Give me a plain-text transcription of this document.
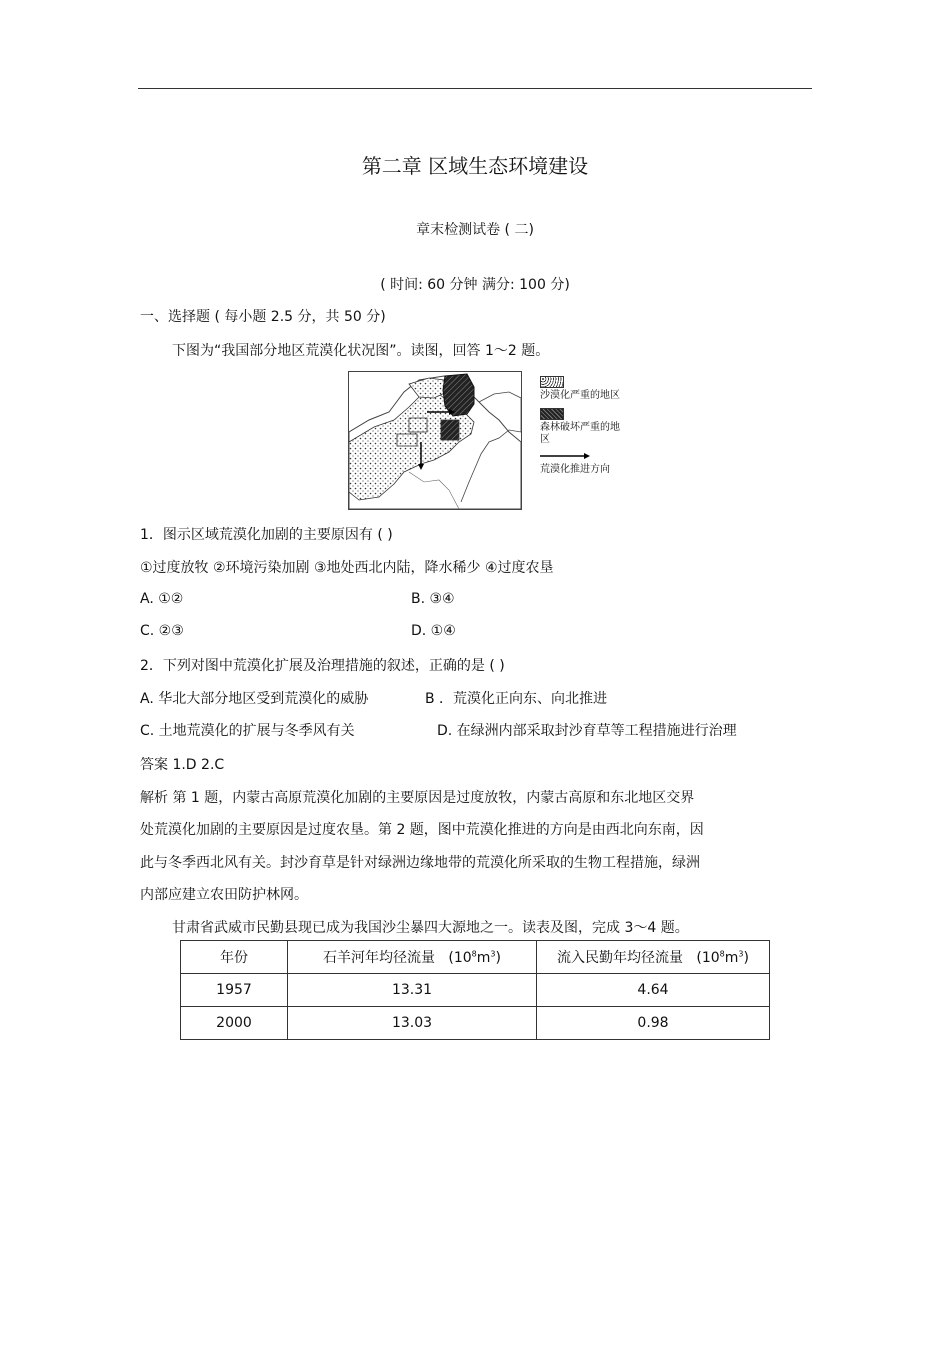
第二章 区域生态环境建设
章末检测试卷 ( 二)
( 时间: 60 分钟 满分: 100 分)
一、选择题 ( 每小题 2.5 分，共 50 分)
下图为“我国部分地区荒漠化状况图”。读图，回答 1～2 题。
沙漠化严重的地区
森林破坏严重的地区
荒漠化推进方向
1．图示区域荒漠化加剧的主要原因有 ( )
①过度放牧 ②环境污染加剧 ③地处西北内陆，降水稀少 ④过度农垦
A. ①②	B. ③④
C. ②③	D. ①④
2．下列对图中荒漠化扩展及治理措施的叙述，正确的是 ( )
A. 华北大部分地区受到荒漠化的威胁	B ．荒漠化正向东、向北推进
C. 土地荒漠化的扩展与冬季风有关	D. 在绿洲内部采取封沙育草等工程措施进行治理
答案 1.D 2.C
解析 第 1 题，内蒙古高原荒漠化加剧的主要原因是过度放牧，内蒙古高原和东北地区交界
处荒漠化加剧的主要原因是过度农垦。第 2 题，图中荒漠化推进的方向是由西北向东南，因
此与冬季西北风有关。封沙育草是针对绿洲边缘地带的荒漠化所采取的生物工程措施，绿洲
内部应建立农田防护林网。
甘肃省武威市民勤县现已成为我国沙尘暴四大源地之一。读表及图，完成 3～4 题。
年份	石羊河年均径流量 $(10^8m^3)$	流入民勤年均径流量 $(10^8m^3)$
1957	13.31	4.64
2000	13.03	0.98
